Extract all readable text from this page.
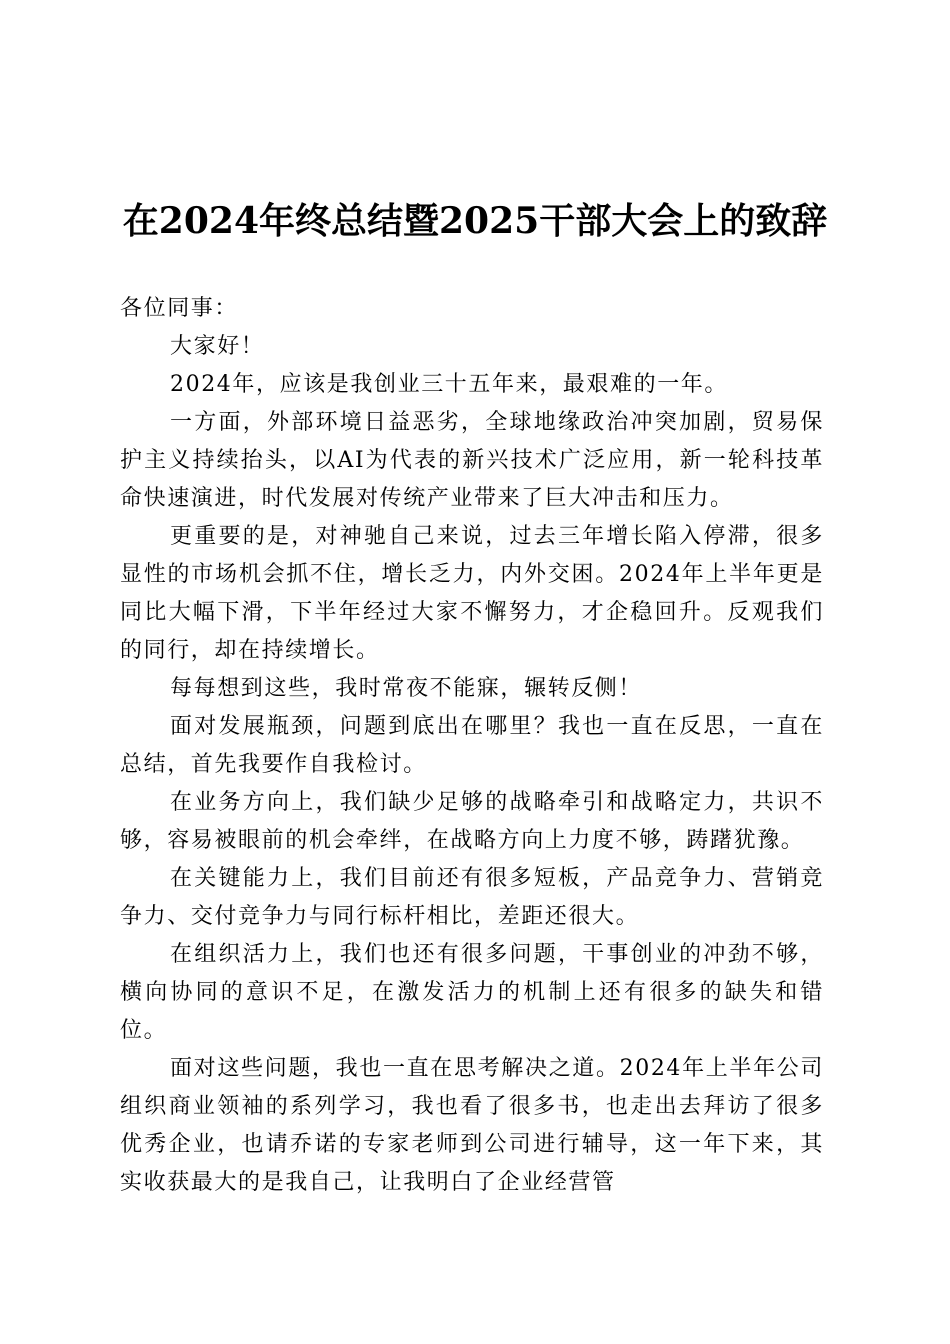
在2024年终总结暨2025干部大会上的致辞

各位同事：

大家好！

2024年，应该是我创业三十五年来，最艰难的一年。

一方面，外部环境日益恶劣，全球地缘政治冲突加剧，贸易保护主义持续抬头，以AI为代表的新兴技术广泛应用，新一轮科技革命快速演进，时代发展对传统产业带来了巨大冲击和压力。

更重要的是，对神驰自己来说，过去三年增长陷入停滞，很多显性的市场机会抓不住，增长乏力，内外交困。2024年上半年更是同比大幅下滑，下半年经过大家不懈努力，才企稳回升。反观我们的同行，却在持续增长。

每每想到这些，我时常夜不能寐，辗转反侧！

面对发展瓶颈，问题到底出在哪里？我也一直在反思，一直在总结，首先我要作自我检讨。

在业务方向上，我们缺少足够的战略牵引和战略定力，共识不够，容易被眼前的机会牵绊，在战略方向上力度不够，踌躇犹豫。

在关键能力上，我们目前还有很多短板，产品竞争力、营销竞争力、交付竞争力与同行标杆相比，差距还很大。

在组织活力上，我们也还有很多问题，干事创业的冲劲不够，横向协同的意识不足，在激发活力的机制上还有很多的缺失和错位。

面对这些问题，我也一直在思考解决之道。2024年上半年公司组织商业领袖的系列学习，我也看了很多书，也走出去拜访了很多优秀企业，也请乔诺的专家老师到公司进行辅导，这一年下来，其实收获最大的是我自己，让我明白了企业经营管
